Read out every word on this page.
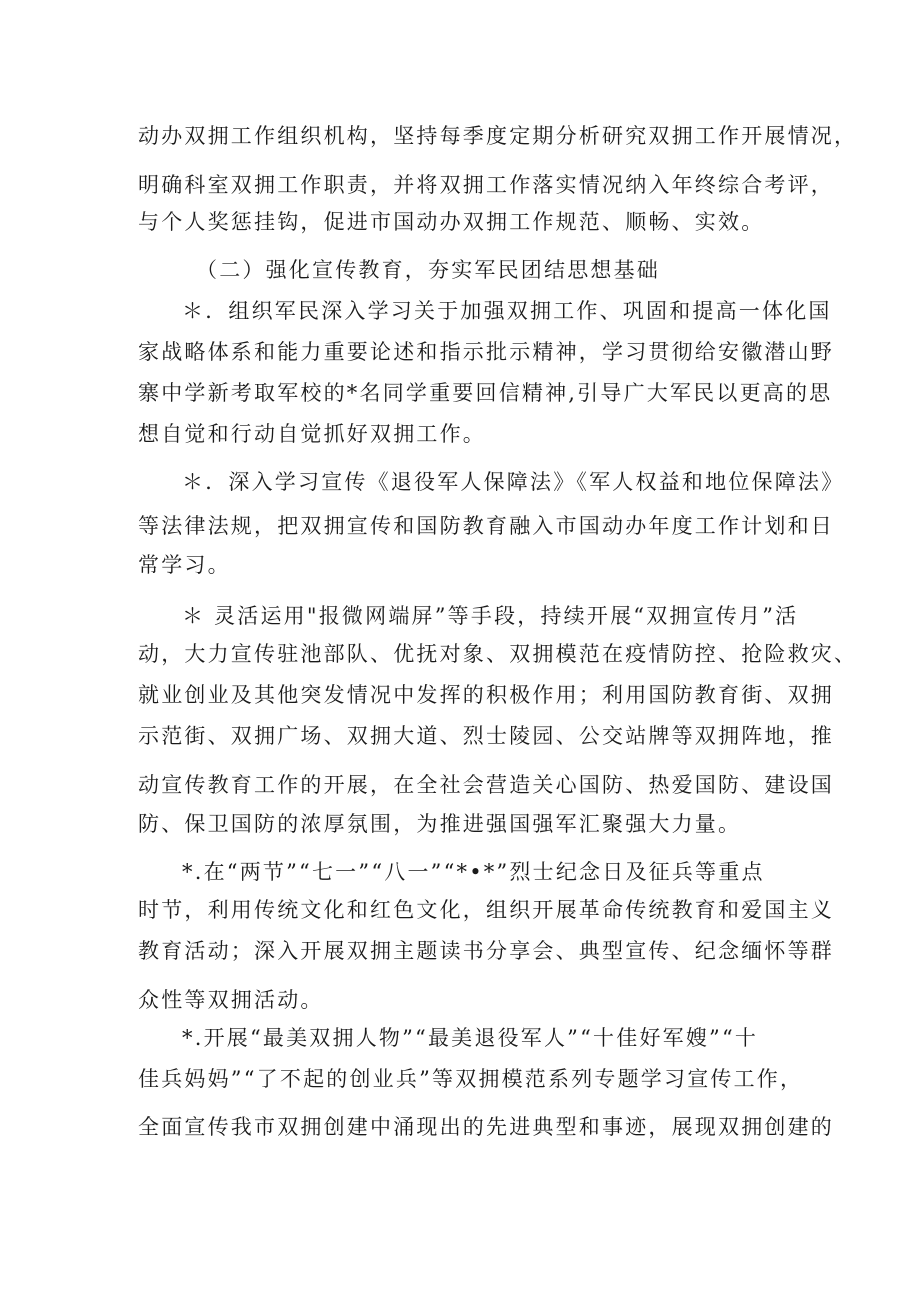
动办双拥工作组织机构，坚持每季度定期分析研究双拥工作开展情况，
明确科室双拥工作职责，并将双拥工作落实情况纳入年终综合考评，
与个人奖惩挂钩，促进市国动办双拥工作规范、顺畅、实效。
（二）强化宣传教育，夯实军民团结思想基础
＊．组织军民深入学习关于加强双拥工作、巩固和提高一体化国
家战略体系和能力重要论述和指示批示精神，学习贯彻给安徽潜山野
寨中学新考取军校的*名同学重要回信精神,引导广大军民以更高的思
想自觉和行动自觉抓好双拥工作。
＊．深入学习宣传《退役军人保障法》《军人权益和地位保障法》
等法律法规，把双拥宣传和国防教育融入市国动办年度工作计划和日
常学习。
＊ 灵活运用"报微网端屏”等手段，持续开展“双拥宣传月”活
动，大力宣传驻池部队、优抚对象、双拥模范在疫情防控、抢险救灾、
就业创业及其他突发情况中发挥的积极作用；利用国防教育街、双拥
示范街、双拥广场、双拥大道、烈士陵园、公交站牌等双拥阵地，推
动宣传教育工作的开展，在全社会营造关心国防、热爱国防、建设国
防、保卫国防的浓厚氛围，为推进强国强军汇聚强大力量。
*.在“两节”“七一”“八一”“*•*”烈士纪念日及征兵等重点
时节，利用传统文化和红色文化，组织开展革命传统教育和爱国主义
教育活动；深入开展双拥主题读书分享会、典型宣传、纪念缅怀等群
众性等双拥活动。
*.开展“最美双拥人物”“最美退役军人”“十佳好军嫂”“十
佳兵妈妈”“了不起的创业兵”等双拥模范系列专题学习宣传工作，
全面宣传我市双拥创建中涌现出的先进典型和事迹，展现双拥创建的
